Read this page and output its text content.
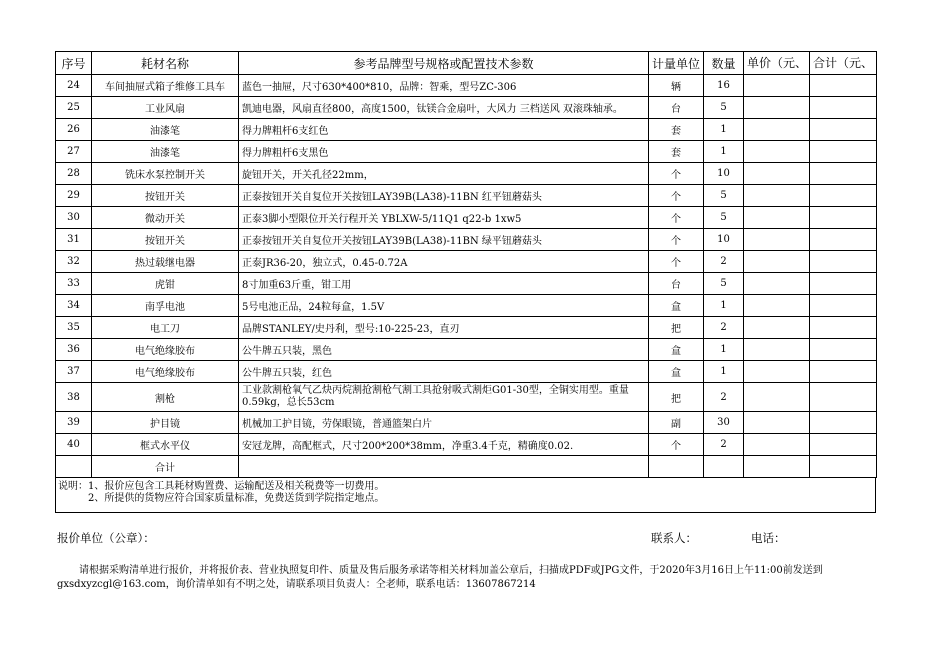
序号	耗材名称	参考品牌型号规格或配置技术参数	计量单位	数量	单价（元、	合计（元、
24	车间抽屉式箱子维修工具车	蓝色一抽屉，尺寸630*400*810，品牌：智乘，型号ZC-306	辆	16		
25	工业风扇	凯迪电器，风扇直径800，高度1500，钛镁合金扇叶，大风力 三档送风 双滚珠轴承。	台	5		
26	油漆笔	得力牌粗杆6支红色	套	1		
27	油漆笔	得力牌粗杆6支黑色	套	1		
28	铣床水泵控制开关	旋钮开关，开关孔径22mm，	个	10		
29	按钮开关	正泰按钮开关自复位开关按钮LAY39B(LA38)-11BN 红平钮蘑菇头	个	5		
30	微动开关	正泰3脚小型限位开关行程开关 YBLXW-5/11Q1 q22-b 1xw5	个	5		
31	按钮开关	正泰按钮开关自复位开关按钮LAY39B(LA38)-11BN 绿平钮蘑菇头	个	10		
32	热过载继电器	正泰JR36-20，独立式，0.45-0.72A	个	2		
33	虎钳	8寸加重63斤重，钳工用	台	5		
34	南孚电池	5号电池正品，24粒每盒，1.5V	盒	1		
35	电工刀	品牌STANLEY/史丹利，型号:10-225-23，直刃	把	2		
36	电气绝缘胶布	公牛牌五只装，黑色	盒	1		
37	电气绝缘胶布	公牛牌五只装，红色	盒	1		
38	割枪	工业款割枪氧气乙炔丙烷割抢割枪气割工具抢射吸式割炬G01-30型，全铜实用型。重量0.59kg，总长53cm	把	2		
39	护目镜	机械加工护目镜，劳保眼镜，普通篮架白片	副	30		
40	框式水平仪	安冠龙牌，高配框式，尺寸200*200*38mm，净重3.4千克，精确度0.02.	个	2		
	合计					
说明：1、报价应包含工具耗材购置费、运输配送及相关税费等一切费用。
2、所提供的货物应符合国家质量标准，免费送货到学院指定地点。
报价单位（公章）：	联系人：	电话：
请根据采购清单进行报价，并将报价表、营业执照复印件、质量及售后服务承诺等相关材料加盖公章后，扫描成PDF或JPG文件，于2020年3月16日上午11:00前发送到gxsdxyzcgl@163.com，询价清单如有不明之处，请联系项目负责人：仝老师，联系电话：13607867214
